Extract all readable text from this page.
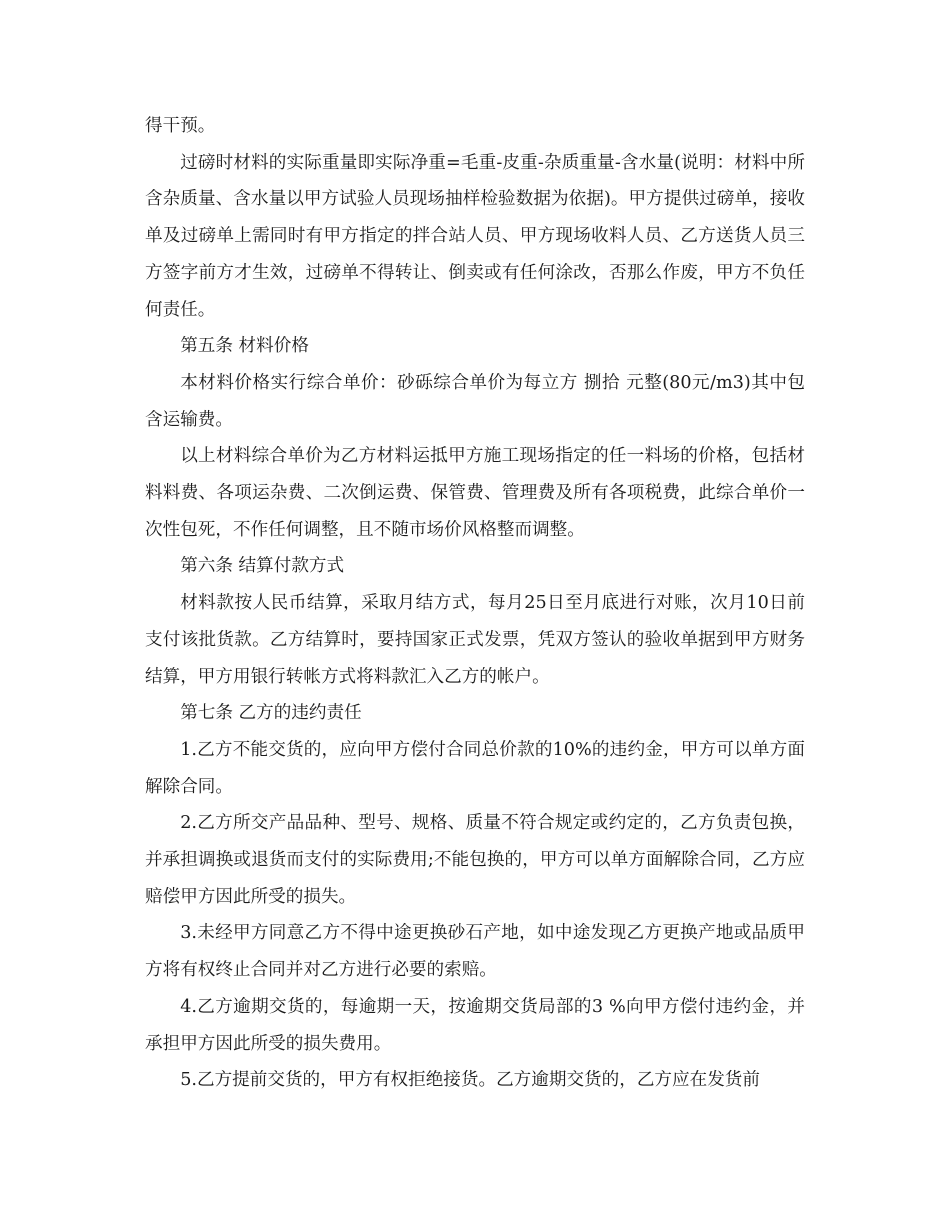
得干预。

过磅时材料的实际重量即实际净重=毛重-皮重-杂质重量-含水量(说明：材料中所含杂质量、含水量以甲方试验人员现场抽样检验数据为依据)。甲方提供过磅单，接收单及过磅单上需同时有甲方指定的拌合站人员、甲方现场收料人员、乙方送货人员三方签字前方才生效，过磅单不得转让、倒卖或有任何涂改，否那么作废，甲方不负任何责任。

第五条 材料价格

本材料价格实行综合单价：砂砾综合单价为每立方 捌拾 元整(80元/m3)其中包含运输费。

以上材料综合单价为乙方材料运抵甲方施工现场指定的任一料场的价格，包括材料料费、各项运杂费、二次倒运费、保管费、管理费及所有各项税费，此综合单价一次性包死，不作任何调整，且不随市场价风格整而调整。

第六条 结算付款方式

材料款按人民币结算，采取月结方式，每月25日至月底进行对账，次月10日前支付该批货款。乙方结算时，要持国家正式发票，凭双方签认的验收单据到甲方财务结算，甲方用银行转帐方式将料款汇入乙方的帐户。

第七条 乙方的违约责任

1.乙方不能交货的，应向甲方偿付合同总价款的10%的违约金，甲方可以单方面解除合同。

2.乙方所交产品品种、型号、规格、质量不符合规定或约定的，乙方负责包换，并承担调换或退货而支付的实际费用;不能包换的，甲方可以单方面解除合同，乙方应赔偿甲方因此所受的损失。

3.未经甲方同意乙方不得中途更换砂石产地，如中途发现乙方更换产地或品质甲方将有权终止合同并对乙方进行必要的索赔。

4.乙方逾期交货的，每逾期一天，按逾期交货局部的3 %向甲方偿付违约金，并承担甲方因此所受的损失费用。

5.乙方提前交货的，甲方有权拒绝接货。乙方逾期交货的，乙方应在发货前
